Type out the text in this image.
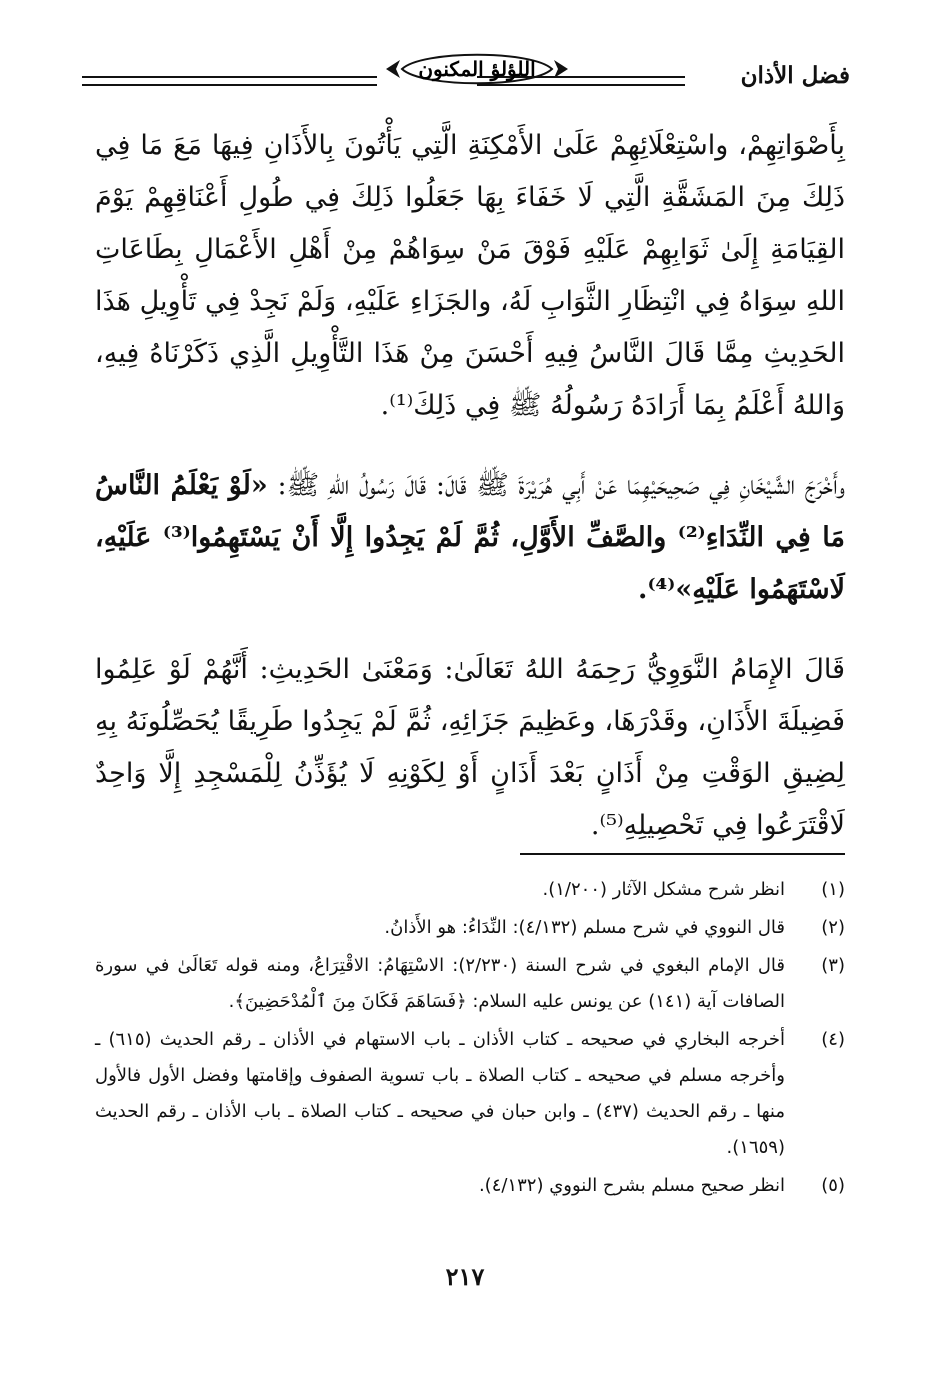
فضل الأذان
اللؤلؤ المكنون

بِأَصْوَاتِهِمْ، واسْتِعْلَائِهِمْ عَلَىٰ الأَمْكِنَةِ الَّتِي يَأْتُونَ بِالأَذَانِ فِيهَا مَعَ مَا فِي ذَلِكَ مِنَ المَشَقَّةِ الَّتِي لَا خَفَاءَ بِهَا جَعَلُوا ذَلِكَ فِي طُولِ أَعْنَاقِهِمْ يَوْمَ القِيَامَةِ إِلَىٰ ثَوَابِهِمْ عَلَيْهِ فَوْقَ مَنْ سِوَاهُمْ مِنْ أَهْلِ الأَعْمَالِ بِطَاعَاتِ اللهِ سِوَاهُ فِي انْتِظَارِ الثَّوَابِ لَهُ، والجَزَاءِ عَلَيْهِ، وَلَمْ نَجِدْ فِي تَأْوِيلِ هَذَا الحَدِيثِ مِمَّا قَالَ النَّاسُ فِيهِ أَحْسَنَ مِنْ هَذَا التَّأْوِيلِ الَّذِي ذَكَرْنَاهُ فِيهِ، وَاللهُ أَعْلَمُ بِمَا أَرَادَهُ رَسُولُهُ ﷺ فِي ذَلِكَ⁽¹⁾.

وأَخْرَجَ الشَّيْخَانِ فِي صَحِيحَيْهِمَا عَنْ أَبِي هُرَيْرَةَ ﷺ قَالَ: قَالَ رَسُولُ اللهِ ﷺ: «لَوْ يَعْلَمُ النَّاسُ مَا فِي النِّدَاءِ⁽²⁾ والصَّفِّ الأَوَّلِ، ثُمَّ لَمْ يَجِدُوا إِلَّا أَنْ يَسْتَهِمُوا⁽³⁾ عَلَيْهِ، لَاسْتَهَمُوا عَلَيْهِ»⁽⁴⁾.

قَالَ الإِمَامُ النَّوَوِيُّ رَحِمَهُ اللهُ تَعَالَىٰ: وَمَعْنَىٰ الحَدِيثِ: أَنَّهُمْ لَوْ عَلِمُوا فَضِيلَةَ الأَذَانِ، وقَدْرَهَا، وعَظِيمَ جَزَائِهِ، ثُمَّ لَمْ يَجِدُوا طَرِيقًا يُحَصِّلُونَهُ بِهِ لِضِيقِ الوَقْتِ مِنْ أَذَانٍ بَعْدَ أَذَانٍ أَوْ لِكَوْنِهِ لَا يُؤَذِّنُ لِلْمَسْجِدِ إِلَّا وَاحِدٌ لَاقْتَرَعُوا فِي تَحْصِيلِهِ⁽⁵⁾.

(١)
انظر شرح مشكل الآثار (١/٢٠٠).
(٢)
قال النووي في شرح مسلم (٤/١٣٢): النِّدَاءُ: هو الأَذانُ.
(٣)
قال الإمام البغوي في شرح السنة (٢/٢٣٠): الاسْتِهَامُ: الاقْتِرَاعُ، ومنه قوله تَعَالَىٰ في سورة الصافات آية (١٤١) عن يونس عليه السلام: ﴿فَسَاهَمَ فَكَانَ مِنَ ٱلْمُدْحَضِينَ﴾.
(٤)
أخرجه البخاري في صحيحه ـ كتاب الأذان ـ باب الاستهام في الأذان ـ رقم الحديث (٦١٥) ـ وأخرجه مسلم في صحيحه ـ كتاب الصلاة ـ باب تسوية الصفوف وإقامتها وفضل الأول فالأول منها ـ رقم الحديث (٤٣٧) ـ وابن حبان في صحيحه ـ كتاب الصلاة ـ باب الأذان ـ رقم الحديث (١٦٥٩).
(٥)
انظر صحيح مسلم بشرح النووي (٤/١٣٢).
٢١٧
